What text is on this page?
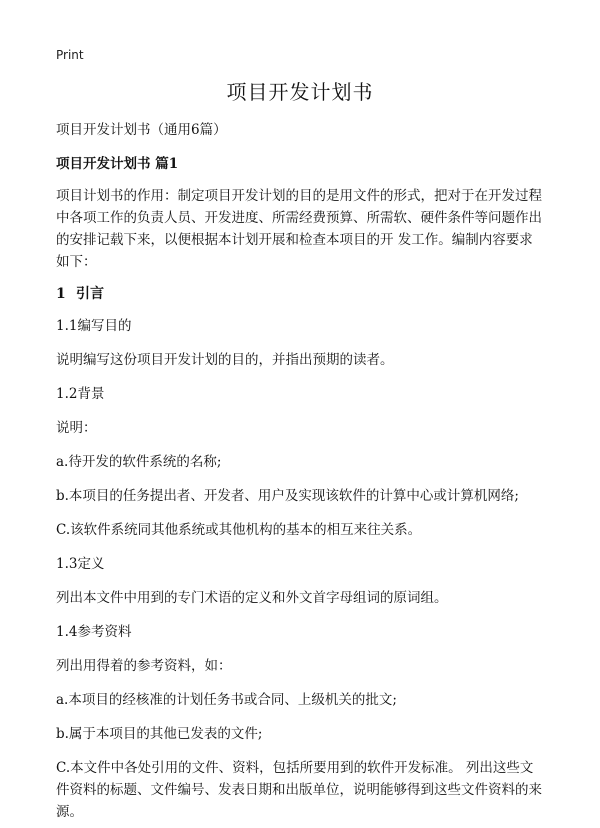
Print
项目开发计划书

项目开发计划书（通用6篇）

项目开发计划书 篇1

项目计划书的作用：制定项目开发计划的目的是用文件的形式，把对于在开发过程中各项工作的负责人员、开发进度、所需经费预算、所需软、硬件条件等问题作出的安排记载下来，以便根据本计划开展和检查本项目的开 发工作。编制内容要求如下：

1 引言

1.1编写目的

说明编写这份项目开发计划的目的，并指出预期的读者。

1.2背景

说明：

a.待开发的软件系统的名称;

b.本项目的任务提出者、开发者、用户及实现该软件的计算中心或计算机网络;

C.该软件系统同其他系统或其他机构的基本的相互来往关系。

1.3定义

列出本文件中用到的专门术语的定义和外文首字母组词的原词组。

1.4参考资料

列出用得着的参考资料，如：

a.本项目的经核准的计划任务书或合同、上级机关的批文;

b.属于本项目的其他已发表的文件;

C.本文件中各处引用的文件、资料，包括所要用到的软件开发标准。 列出这些文件资料的标题、文件编号、发表日期和出版单位，说明能够得到这些文件资料的来源。
